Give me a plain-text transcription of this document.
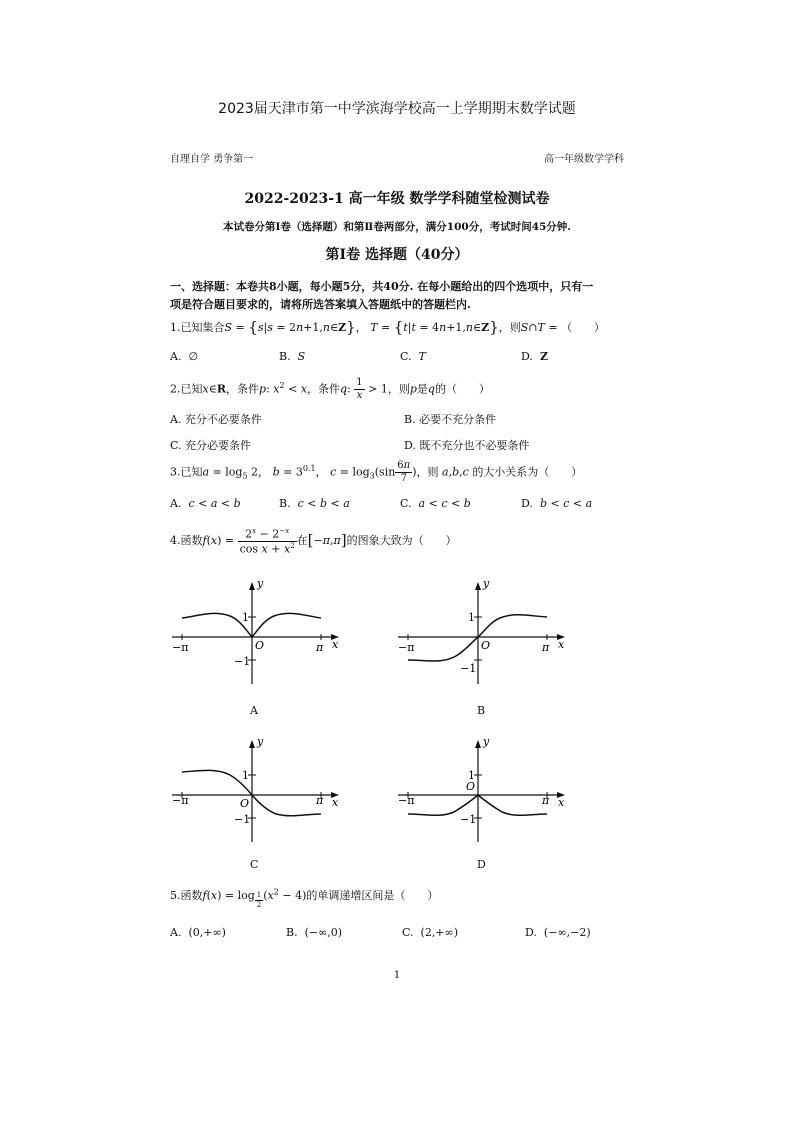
2023届天津市第一中学滨海学校高一上学期期末数学试题
自理自学 勇争第一	高一年级数学学科
2022-2023-1 高一年级 数学学科随堂检测试卷
本试卷分第Ⅰ卷（选择题）和第Ⅱ卷两部分，满分100分，考试时间45分钟.
第Ⅰ卷 选择题（40分）
一、选择题：本卷共8小题，每小题5分，共40分. 在每小题给出的四个选项中，只有一
项是符合题目要求的，请将所选答案填入答题纸中的答题栏内.
1.已知集合S = {s|s = 2n+1,n∈Z}， T = {t|t = 4n+1,n∈Z}，则S∩T = （　　）
A.  ∅	B. S	C. T	D. Z
2.已知x∈R，条件p: $x^2 < x$，条件q: $\frac{1}{x} > 1$，则p是q的（　　）
A. 充分不必要条件	B. 必要不充分条件
C. 充分必要条件	D. 既不充分也不必要条件
3.已知$a = \log_5 2$， $b = 3^{0.1}$， $c = \log_3(\sin \frac{6\pi}{7}$ )，则 a,b,c 的大小关系为（　　）
A. c < a < b	B. c < b < a	C. a < c < b	D. b < c < a
4.函数$f(x) = \frac{2^x - 2^{-x}}{\cos x + x^2}$ 在[−π,π]的图象大致为（　　）
y
x
O
1
−1
−π	π
A
y
x
O
1
−1
−π	π
B
y
x
O
1
−1
−π	π
C
y
x
O
1
−1
−π	π
D
5.函数f(x) = log $_{\frac{1}{2}}$ $(x^2 - 4)$的单调递增区间是（　　）
A.  (0,+∞)	B.  (−∞,0)	C.  (2,+∞)	D.  (−∞,−2)
1
